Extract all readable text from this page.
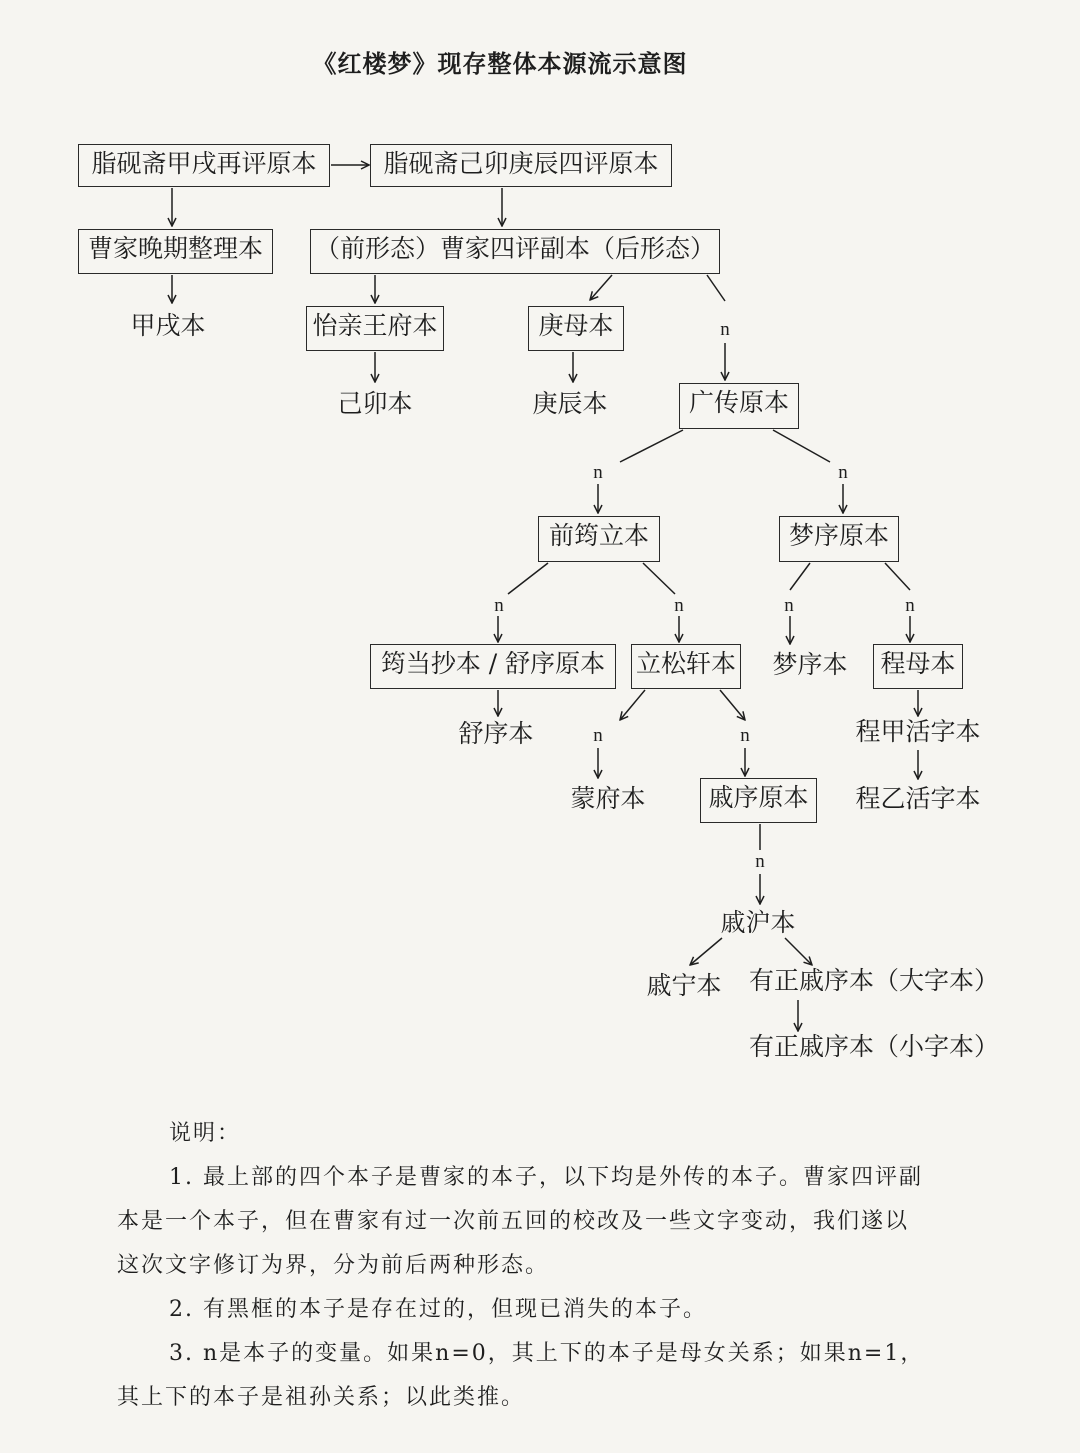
《红楼梦》现存整体本源流示意图
n
n	n
n	n	n	n
n	n
n
脂砚斋甲戌再评原本	脂砚斋己卯庚辰四评原本
曹家晚期整理本	（前形态）曹家四评副本（后形态）
甲戌本	怡亲王府本	庚母本
己卯本	庚辰本	广传原本
前筠立本	梦序原本
筠当抄本 / 舒序原本	立松轩本	梦序本	程母本
舒序本	程甲活字本
蒙府本	戚序原本	程乙活字本
戚沪本
戚宁本	有正戚序本（大字本）
有正戚序本（小字本）

说明：

1. 最上部的四个本子是曹家的本子，以下均是外传的本子。曹家四评副本是一个本子，但在曹家有过一次前五回的校改及一些文字变动，我们遂以这次文字修订为界，分为前后两种形态。

2. 有黑框的本子是存在过的，但现已消失的本子。

3. n是本子的变量。如果n=0，其上下的本子是母女关系；如果n=1，其上下的本子是祖孙关系；以此类推。
